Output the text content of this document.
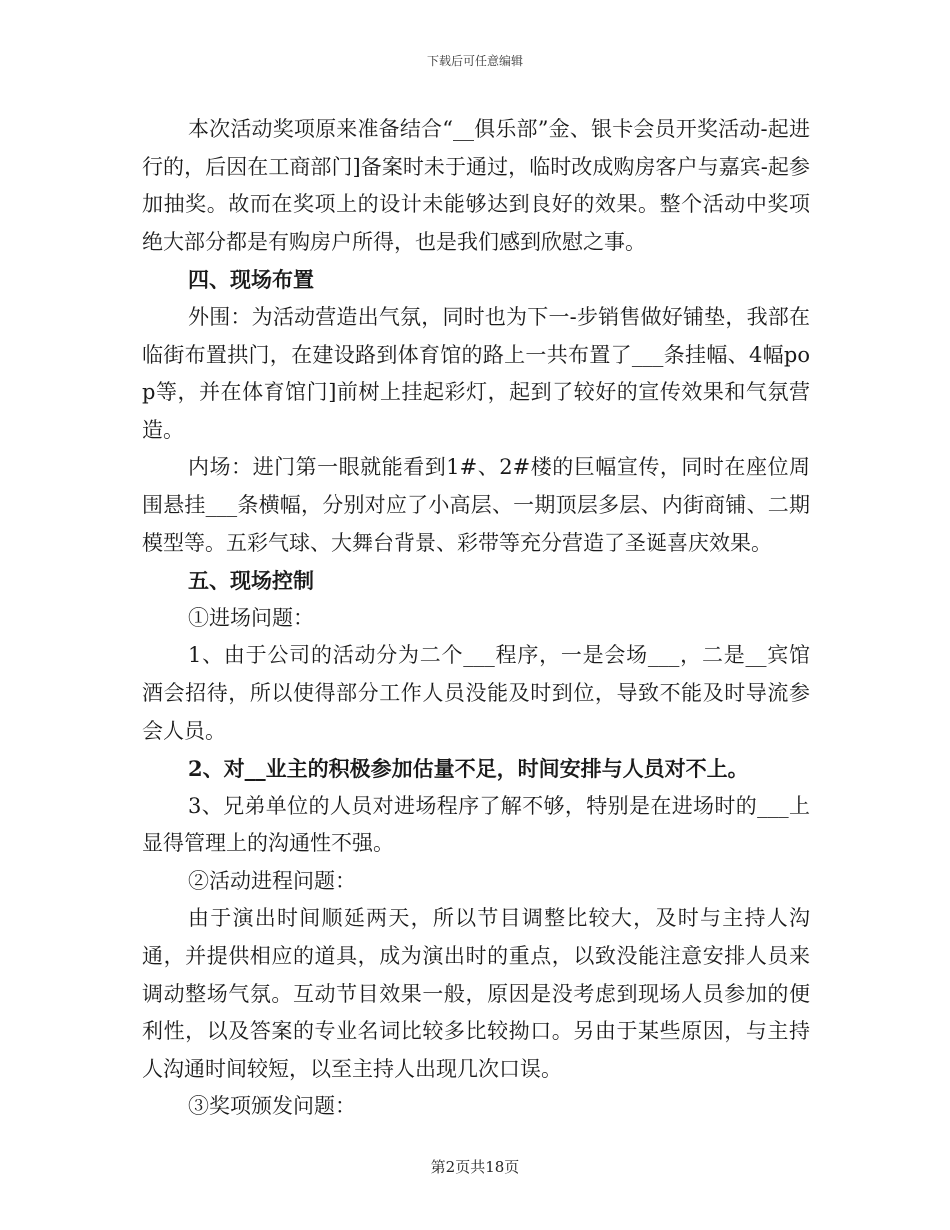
下载后可任意编辑

本次活动奖项原来准备结合“__俱乐部”金、银卡会员开奖活动-起进行的，后因在工商部门]备案时未于通过，临时改成购房客户与嘉宾-起参加抽奖。故而在奖项上的设计未能够达到良好的效果。整个活动中奖项绝大部分都是有购房户所得，也是我们感到欣慰之事。

四、现场布置

外围：为活动营造出气氛，同时也为下一-步销售做好铺垫，我部在临街布置拱门，在建设路到体育馆的路上一共布置了___条挂幅、4幅pop等，并在体育馆门]前树上挂起彩灯，起到了较好的宣传效果和气氛营造。

内场：进门第一眼就能看到1#、2#楼的巨幅宣传，同时在座位周围悬挂___条横幅，分别对应了小高层、一期顶层多层、内街商铺、二期模型等。五彩气球、大舞台背景、彩带等充分营造了圣诞喜庆效果。

五、现场控制

①进场问题：

1、由于公司的活动分为二个___程序，一是会场___，二是__宾馆酒会招待，所以使得部分工作人员没能及时到位，导致不能及时导流参会人员。

2、对__业主的积极参加估量不足，时间安排与人员对不上。

3、兄弟单位的人员对进场程序了解不够，特别是在进场时的___上显得管理上的沟通性不强。

②活动进程问题：

由于演出时间顺延两天，所以节目调整比较大，及时与主持人沟通，并提供相应的道具，成为演出时的重点，以致没能注意安排人员来调动整场气氛。互动节目效果一般，原因是没考虑到现场人员参加的便利性，以及答案的专业名词比较多比较拗口。另由于某些原因，与主持人沟通时间较短，以至主持人出现几次口误。

③奖项颁发问题：

第2页共18页
